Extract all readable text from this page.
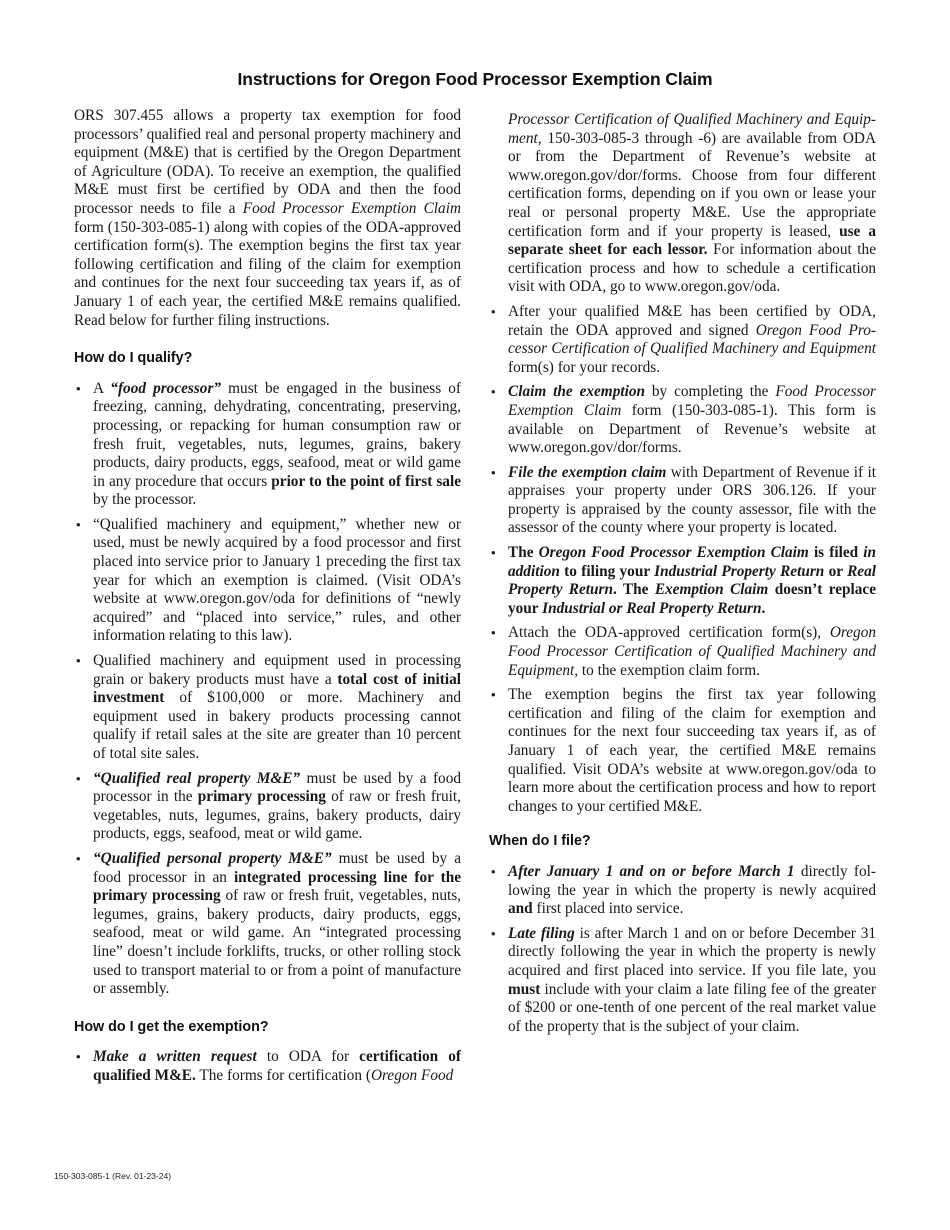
Instructions for Oregon Food Processor Exemption Claim

ORS 307.455 allows a property tax exemption for food processors’ qualified real and personal property machinery and equipment (M&E) that is certified by the Oregon Department of Agriculture (ODA). To receive an exemption, the qualified M&E must first be certified by ODA and then the food processor needs to file a Food Processor Exemption Claim form (150-303-085-1) along with copies of the ODA-approved certification form(s). The exemption begins the first tax year following certification and filing of the claim for exemption and continues for the next four succeeding tax years if, as of January 1 of each year, the certified M&E remains qualified. Read below for further filing instructions.

How do I qualify?
• A “food processor” must be engaged in the business of freezing, canning, dehydrating, concentrating, preserving, processing, or repacking for human consumption raw or fresh fruit, vegetables, nuts, legumes, grains, bakery products, dairy products, eggs, seafood, meat or wild game in any procedure that occurs prior to the point of first sale by the processor.
• “Qualified machinery and equipment,” whether new or used, must be newly acquired by a food processor and first placed into service prior to January 1 preceding the first tax year for which an exemption is claimed. (Visit ODA’s website at www.oregon.gov/oda for definitions of “newly acquired” and “placed into service,” rules, and other information relating to this law).
• Qualified machinery and equipment used in processing grain or bakery products must have a total cost of initial investment of $100,000 or more. Machinery and equipment used in bakery products processing cannot qualify if retail sales at the site are greater than 10 percent of total site sales.
• “Qualified real property M&E” must be used by a food processor in the primary processing of raw or fresh fruit, vegetables, nuts, legumes, grains, bakery products, dairy products, eggs, seafood, meat or wild game.
• “Qualified personal property M&E” must be used by a food processor in an integrated processing line for the primary processing of raw or fresh fruit, vegetables, nuts, legumes, grains, bakery products, dairy products, eggs, seafood, meat or wild game. An “integrated processing line” doesn’t include forklifts, trucks, or other rolling stock used to transport material to or from a point of manufacture or assembly.
How do I get the exemption?
• Make a written request to ODA for certification of qualified M&E. The forms for certification (Oregon Food
Processor Certification of Qualified Machinery and Equipment, 150-303-085-3 through -6) are available from ODA or from the Department of Revenue’s website at www.oregon.gov/dor/forms. Choose from four different certification forms, depending on if you own or lease your real or personal property M&E. Use the appropriate certification form and if your property is leased, use a separate sheet for each lessor. For information about the certification process and how to schedule a certification visit with ODA, go to www.oregon.gov/oda.
• After your qualified M&E has been certified by ODA, retain the ODA approved and signed Oregon Food Processor Certification of Qualified Machinery and Equipment form(s) for your records.
• Claim the exemption by completing the Food Processor Exemption Claim form (150-303-085-1). This form is available on Department of Revenue’s website at www.oregon.gov/dor/forms.
• File the exemption claim with Department of Revenue if it appraises your property under ORS 306.126. If your property is appraised by the county assessor, file with the assessor of the county where your property is located.
• The Oregon Food Processor Exemption Claim is filed in addition to filing your Industrial Property Return or Real Property Return. The Exemption Claim doesn’t replace your Industrial or Real Property Return.
• Attach the ODA-approved certification form(s), Oregon Food Processor Certification of Qualified Machinery and Equipment, to the exemption claim form.
• The exemption begins the first tax year following certification and filing of the claim for exemption and continues for the next four succeeding tax years if, as of January 1 of each year, the certified M&E remains qualified. Visit ODA’s website at www.oregon.gov/oda to learn more about the certification process and how to report changes to your certified M&E.
When do I file?
• After January 1 and on or before March 1 directly following the year in which the property is newly acquired and first placed into service.
• Late filing is after March 1 and on or before December 31 directly following the year in which the property is newly acquired and first placed into service. If you file late, you must include with your claim a late filing fee of the greater of $200 or one-tenth of one percent of the real market value of the property that is the subject of your claim.
150-303-085-1 (Rev. 01-23-24)
